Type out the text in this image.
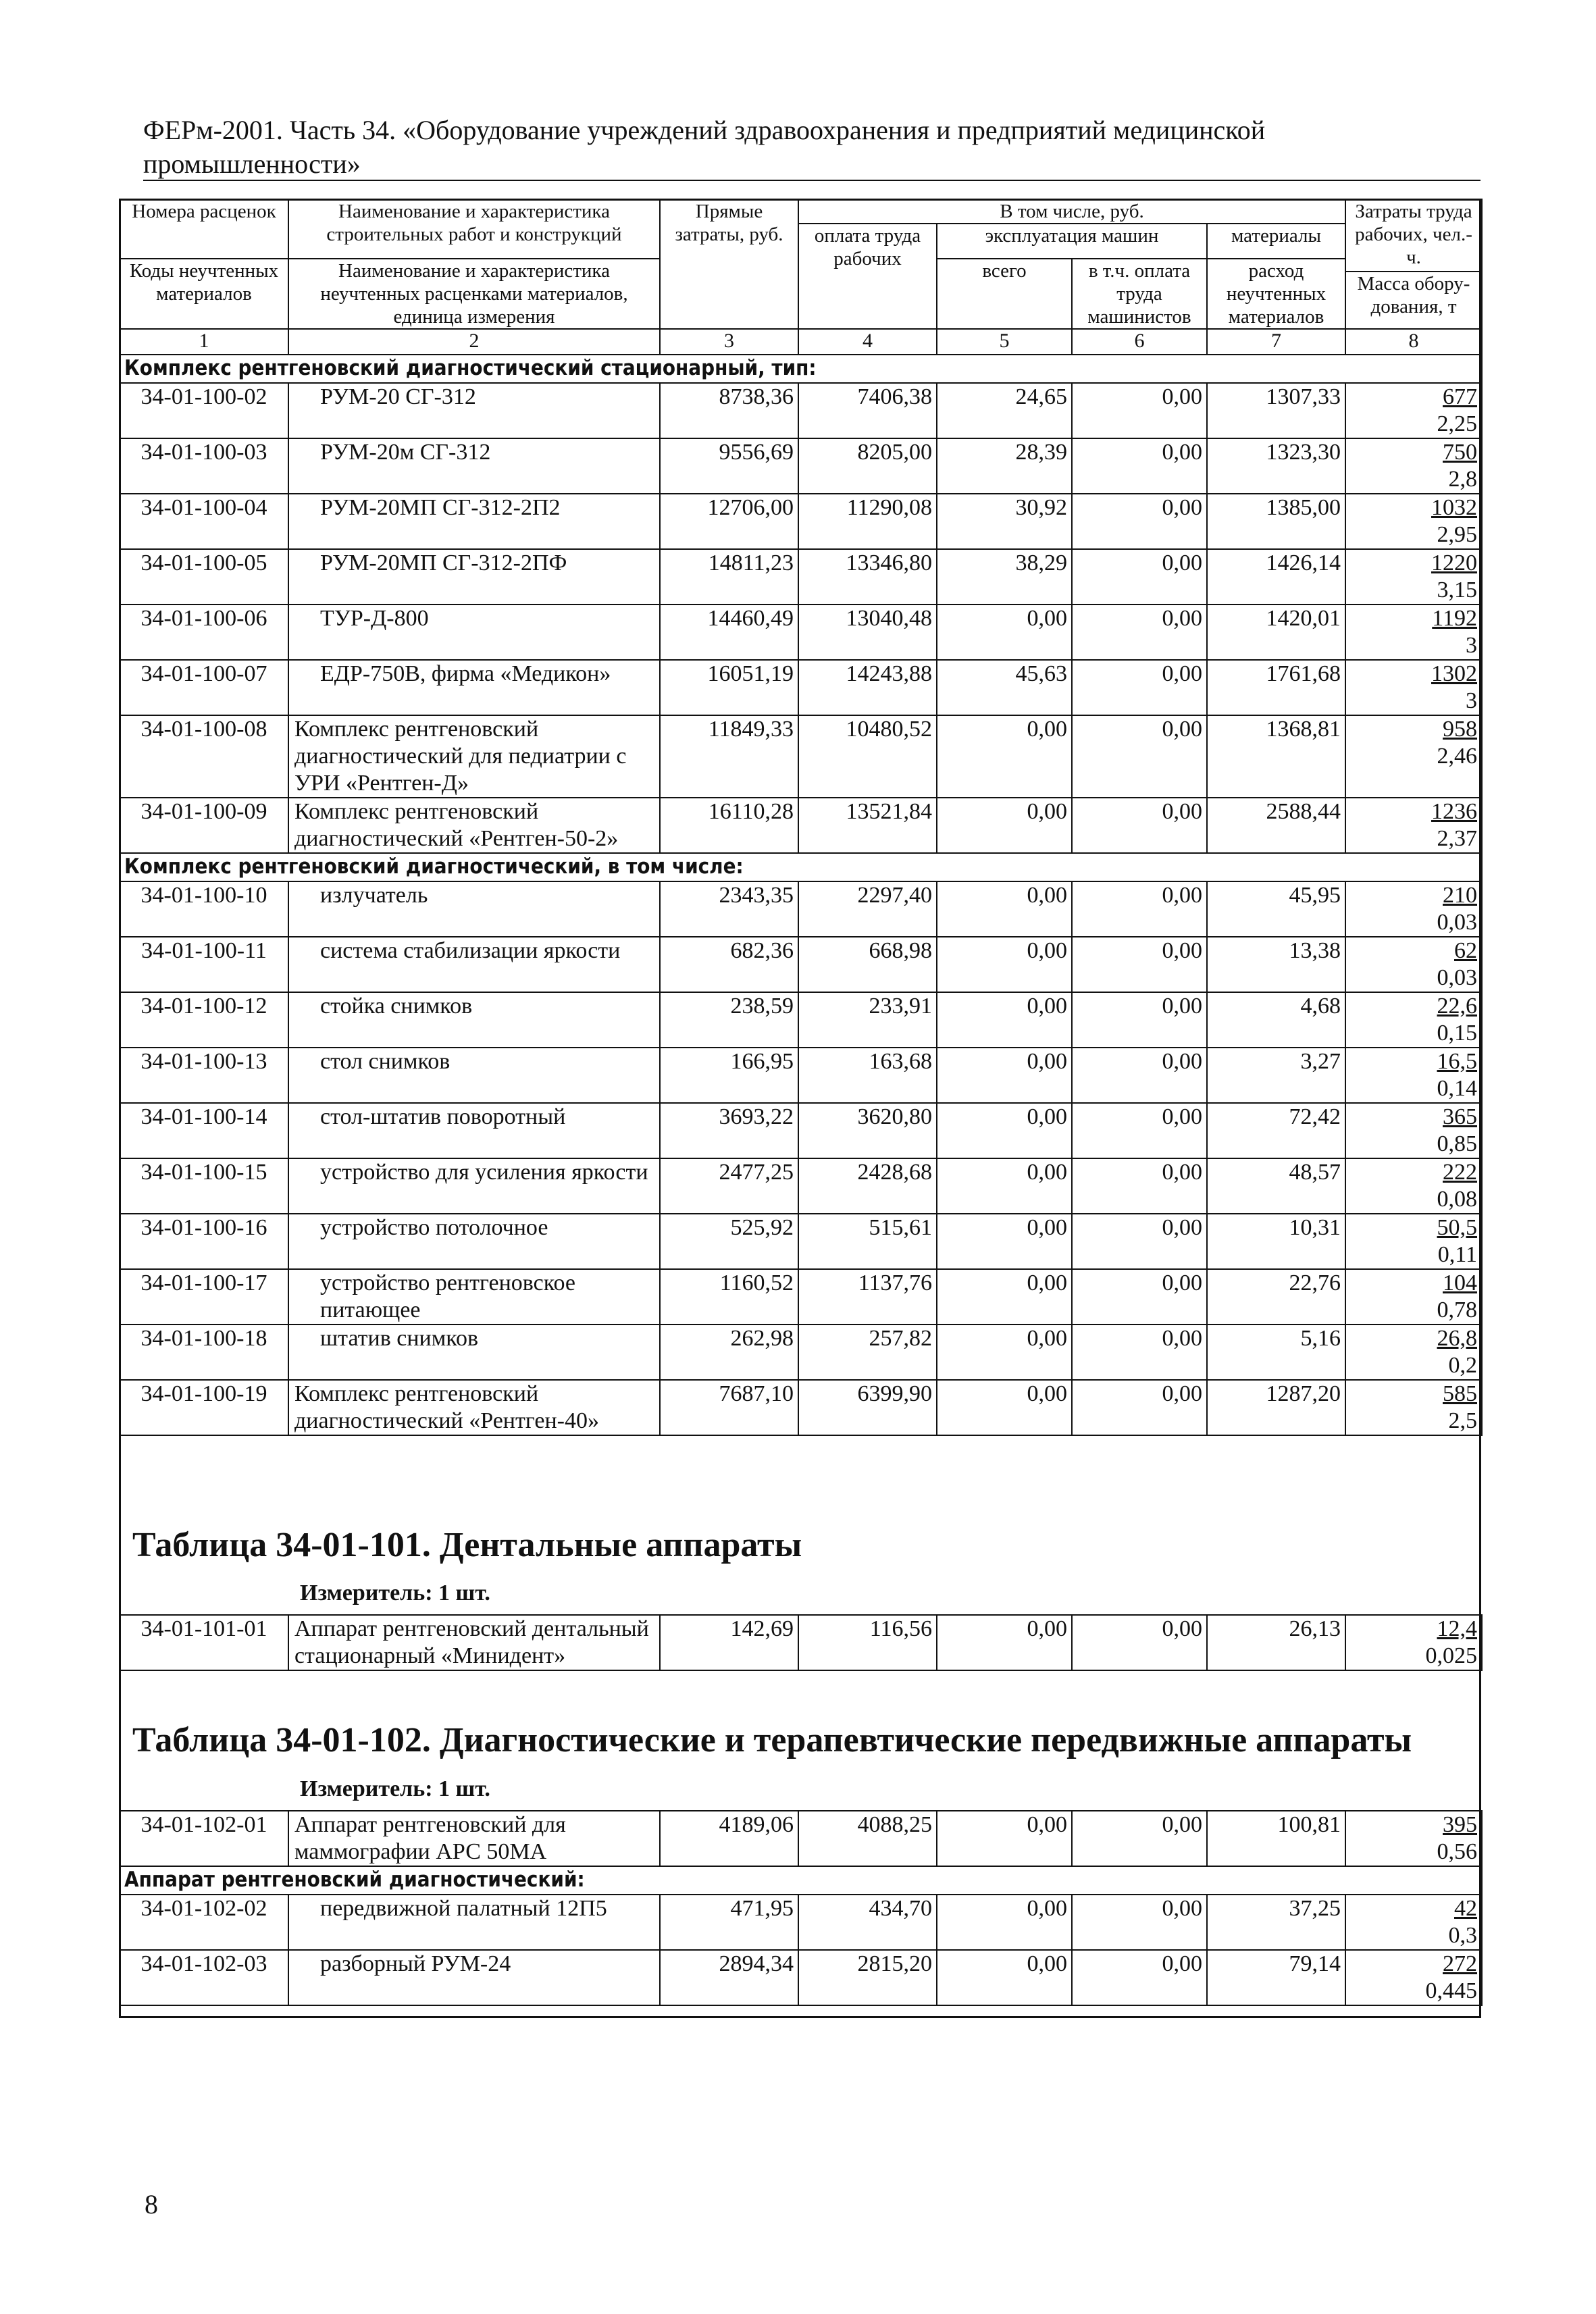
ФЕРм-2001. Часть 34. «Оборудование учреждений здравоохранения и предприятий медицинской
промышленности»
Номера расценок	Наименование и характеристика строительных работ и конструкций	Прямые затраты, руб.	В том числе, руб.				Затраты труда рабочих, чел.-ч.
			оплата труда рабочих	эксплуатация машин		материалы	
Коды неучтенных материалов	Наименование и характеристика неучтенных расценками материалов, единица измерения			всего	в т.ч. оплата труда машинистов	расход неучтенных материалов	
							Масса обору-дования, т
1	2	3	4	5	6	7	8
Комплекс рентгеновский диагностический стационарный, тип:							
34-01-100-02	РУМ-20 СГ-312	8738,36	7406,38	24,65	0,00	1307,33	677
2,25

34-01-100-03	РУМ-20м СГ-312	9556,69	8205,00	28,39	0,00	1323,30	750
2,8

34-01-100-04	РУМ-20МП СГ-312-2П2	12706,00	11290,08	30,92	0,00	1385,00	1032
2,95

34-01-100-05	РУМ-20МП СГ-312-2ПФ	14811,23	13346,80	38,29	0,00	1426,14	1220
3,15

34-01-100-06	ТУР-Д-800	14460,49	13040,48	0,00	0,00	1420,01	1192
3

34-01-100-07	ЕДР-750В, фирма «Медикон»	16051,19	14243,88	45,63	0,00	1761,68	1302
3

34-01-100-08	Комплекс рентгеновский диагностический для педиатрии с УРИ «Рентген-Д»	11849,33	10480,52	0,00	0,00	1368,81	958
2,46

34-01-100-09	Комплекс рентгеновский диагностический «Рентген-50-2»	16110,28	13521,84	0,00	0,00	2588,44	1236
2,37

Комплекс рентгеновский диагностический, в том числе:							
34-01-100-10	излучатель	2343,35	2297,40	0,00	0,00	45,95	210
0,03

34-01-100-11	система стабилизации яркости	682,36	668,98	0,00	0,00	13,38	62
0,03

34-01-100-12	стойка снимков	238,59	233,91	0,00	0,00	4,68	22,6
0,15

34-01-100-13	стол снимков	166,95	163,68	0,00	0,00	3,27	16,5
0,14

34-01-100-14	стол-штатив поворотный	3693,22	3620,80	0,00	0,00	72,42	365
0,85

34-01-100-15	устройство для усиления яркости	2477,25	2428,68	0,00	0,00	48,57	222
0,08

34-01-100-16	устройство потолочное	525,92	515,61	0,00	0,00	10,31	50,5
0,11

34-01-100-17	устройство рентгеновское питающее	1160,52	1137,76	0,00	0,00	22,76	104
0,78

34-01-100-18	штатив снимков	262,98	257,82	0,00	0,00	5,16	26,8
0,2

34-01-100-19	Комплекс рентгеновский диагностический «Рентген-40»	7687,10	6399,90	0,00	0,00	1287,20	585
2,5
Таблица 34-01-101. Дентальные аппараты
Измеритель: 1 шт.
34-01-101-01	Аппарат рентгеновский дентальный стационарный «Минидент»	142,69	116,56	0,00	0,00	26,13	12,4
0,025
Таблица 34-01-102. Диагностические и терапевтические передвижные аппараты
Измеритель: 1 шт.
34-01-102-01	Аппарат рентгеновский для маммографии АРС 50МА	4189,06	4088,25	0,00	0,00	100,81	395
0,56

Аппарат рентгеновский диагностический:							
34-01-102-02	передвижной палатный 12П5	471,95	434,70	0,00	0,00	37,25	42
0,3

34-01-102-03	разборный РУМ-24	2894,34	2815,20	0,00	0,00	79,14	272
0,445
8
